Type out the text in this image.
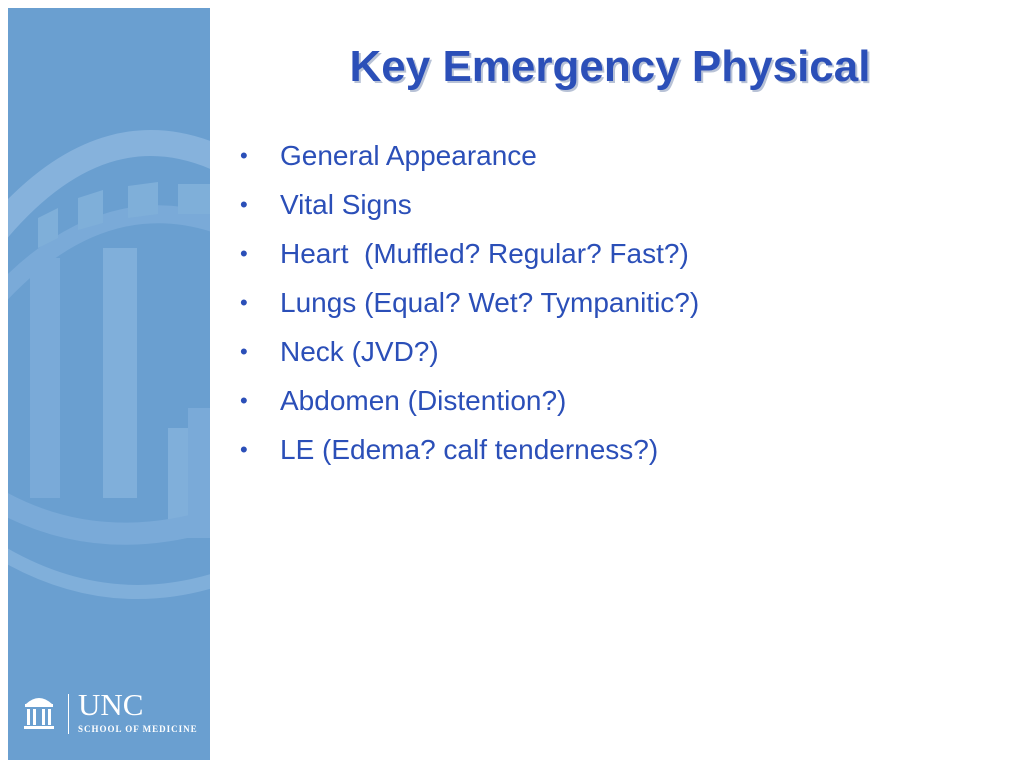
UNC
SCHOOL OF MEDICINE
Key Emergency Physical
• General Appearance
• Vital Signs
• Heart  (Muffled? Regular? Fast?)
• Lungs (Equal? Wet? Tympanitic?)
• Neck (JVD?)
• Abdomen (Distention?)
• LE (Edema? calf tenderness?)
